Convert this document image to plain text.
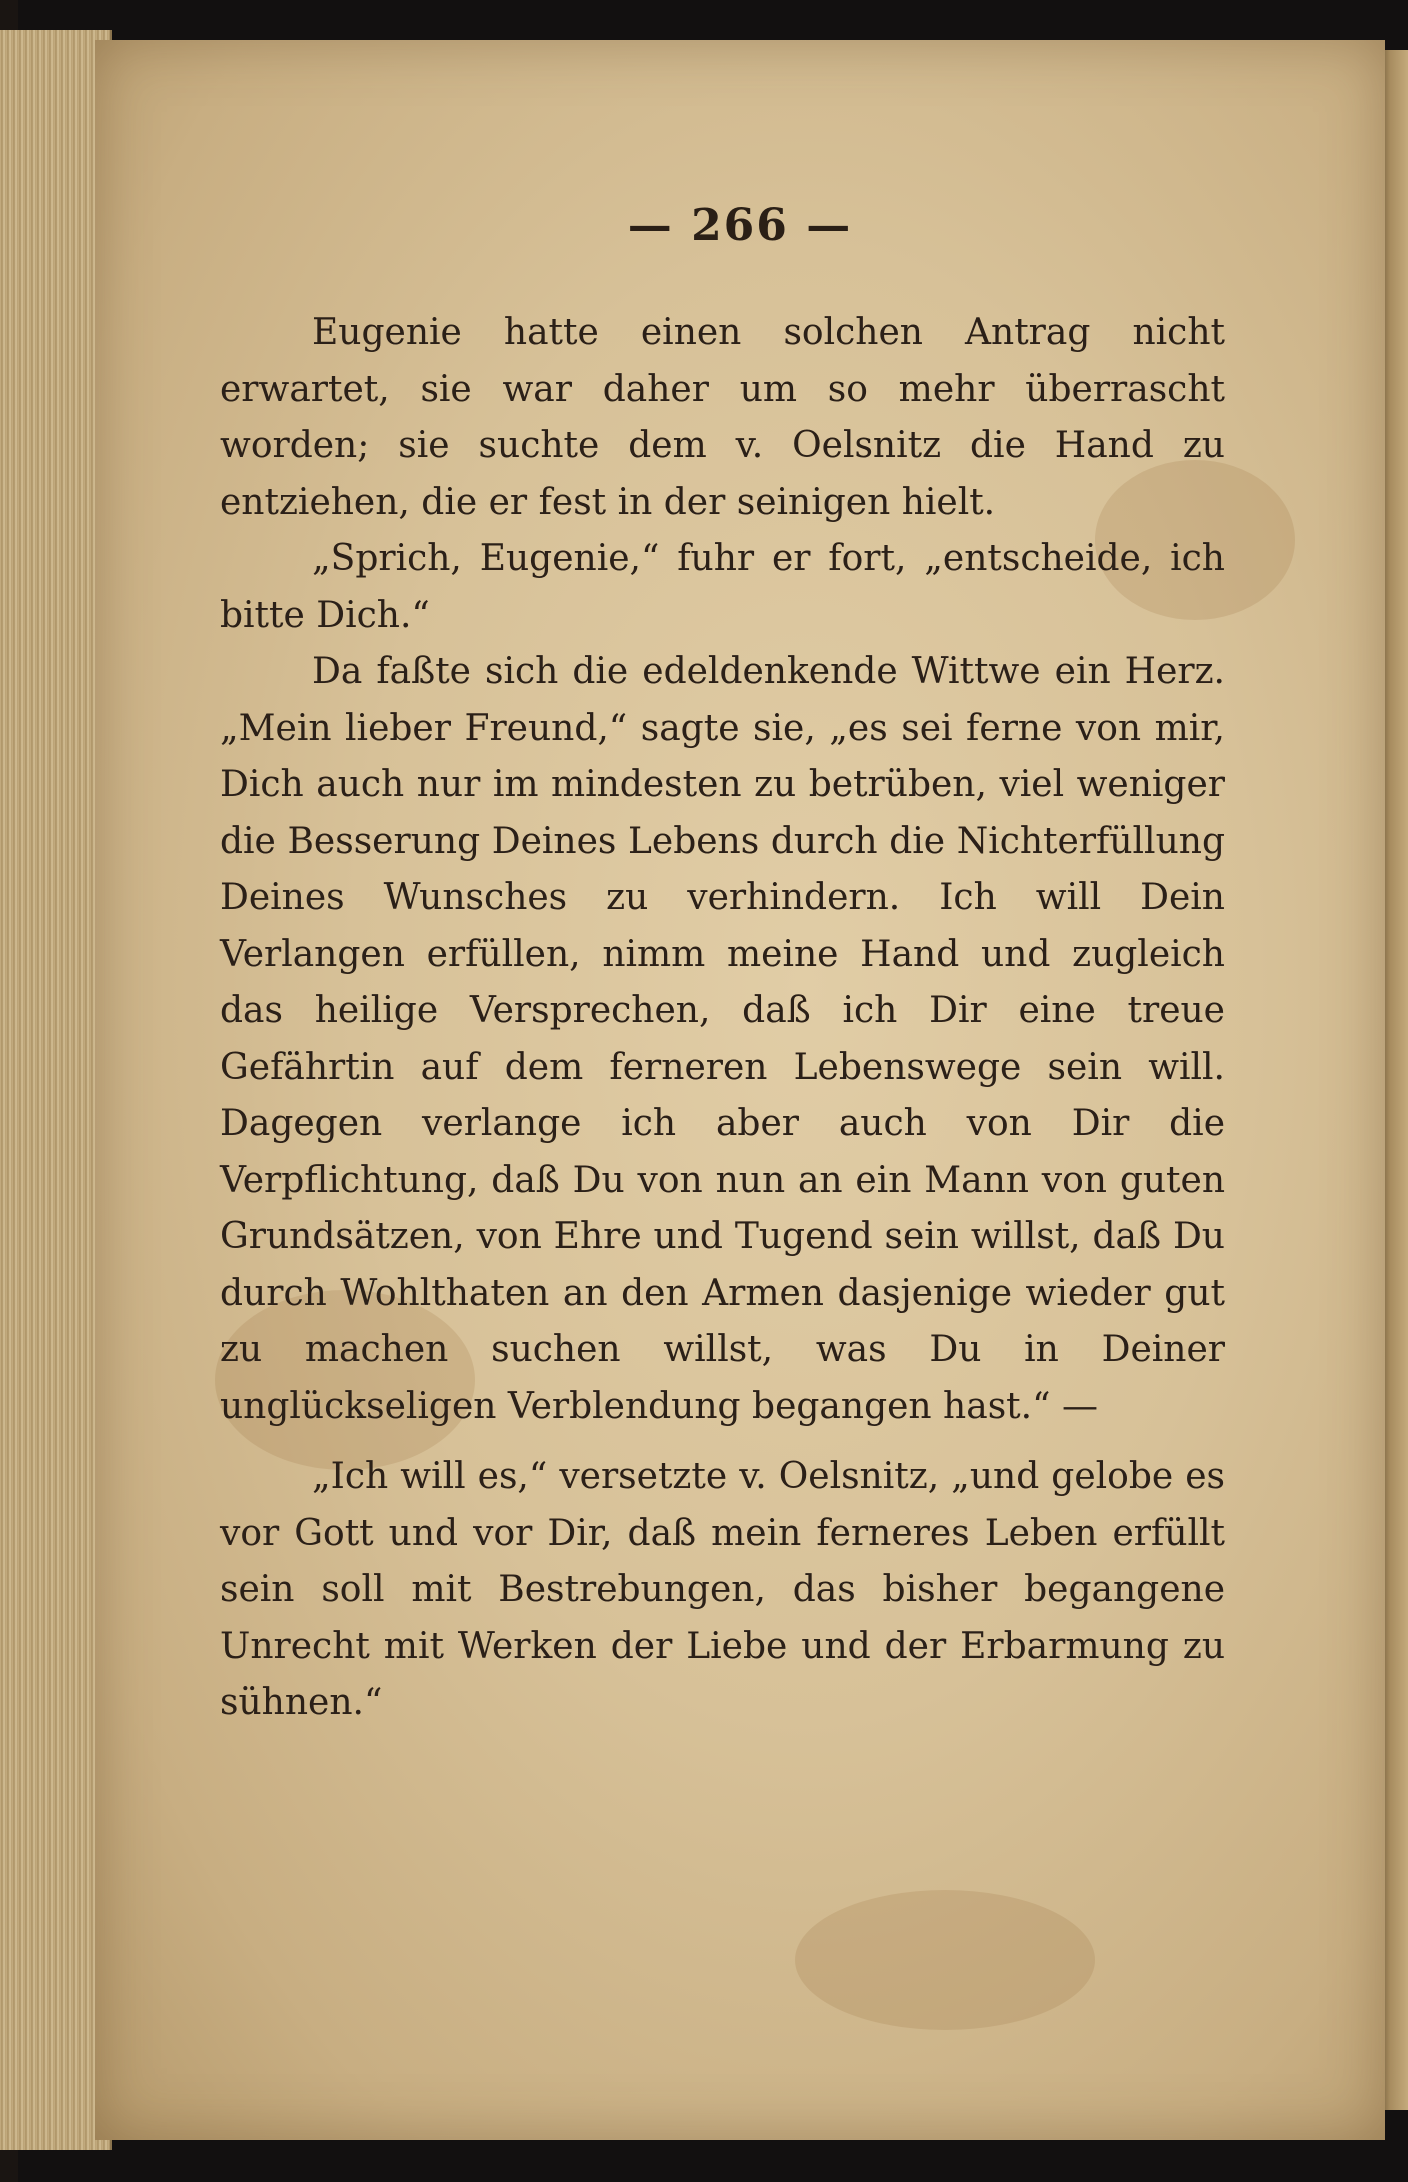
— 266 —

Eugenie hatte einen solchen Antrag nicht erwartet, sie war daher um so mehr überrascht worden; sie suchte dem v. Oelsnitz die Hand zu entziehen, die er fest in der seinigen hielt.

„Sprich, Eugenie,“ fuhr er fort, „entscheide, ich bitte Dich.“

Da faßte sich die edeldenkende Wittwe ein Herz. „Mein lieber Freund,“ sagte sie, „es sei ferne von mir, Dich auch nur im mindesten zu betrüben, viel weniger die Besserung Deines Lebens durch die Nichterfüllung Deines Wunsches zu verhindern. Ich will Dein Verlangen erfüllen, nimm meine Hand und zugleich das heilige Versprechen, daß ich Dir eine treue Gefährtin auf dem ferneren Lebenswege sein will. Dagegen verlange ich aber auch von Dir die Verpflichtung, daß Du von nun an ein Mann von guten Grundsätzen, von Ehre und Tugend sein willst, daß Du durch Wohlthaten an den Armen dasjenige wieder gut zu machen suchen willst, was Du in Deiner unglückseligen Verblendung begangen hast.“ —

„Ich will es,“ versetzte v. Oelsnitz, „und gelobe es vor Gott und vor Dir, daß mein ferneres Leben erfüllt sein soll mit Bestrebungen, das bisher begangene Unrecht mit Werken der Liebe und der Erbarmung zu sühnen.“
